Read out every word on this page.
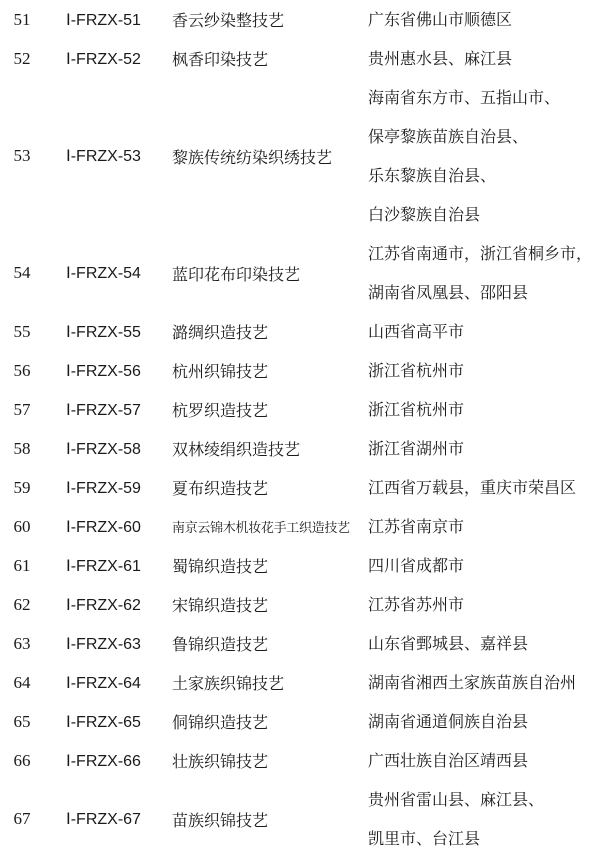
51	Ⅰ-FRZX-51 香云纱染整技艺	广东省佛山市顺德区
52	Ⅰ-FRZX-52 枫香印染技艺	贵州惠水县、麻江县
53	Ⅰ-FRZX-53 黎族传统纺染织绣技艺
海南省东方市、五指山市、
保亭黎族苗族自治县、
乐东黎族自治县、
白沙黎族自治县
54	Ⅰ-FRZX-54 蓝印花布印染技艺
江苏省南通市，浙江省桐乡市，
湖南省凤凰县、邵阳县
55	Ⅰ-FRZX-55 潞绸织造技艺	山西省高平市
56	Ⅰ-FRZX-56 杭州织锦技艺	浙江省杭州市
57	Ⅰ-FRZX-57 杭罗织造技艺	浙江省杭州市
58	Ⅰ-FRZX-58 双林绫绢织造技艺	浙江省湖州市
59	Ⅰ-FRZX-59 夏布织造技艺	江西省万载县，重庆市荣昌区
60	Ⅰ-FRZX-60 南京云锦木机妆花手工织造技艺 江苏省南京市
61	Ⅰ-FRZX-61 蜀锦织造技艺	四川省成都市
62	Ⅰ-FRZX-62 宋锦织造技艺	江苏省苏州市
63	Ⅰ-FRZX-63 鲁锦织造技艺	山东省鄄城县、嘉祥县
64	Ⅰ-FRZX-64 土家族织锦技艺	湖南省湘西土家族苗族自治州
65	Ⅰ-FRZX-65 侗锦织造技艺	湖南省通道侗族自治县
66	Ⅰ-FRZX-66 壮族织锦技艺	广西壮族自治区靖西县
67	Ⅰ-FRZX-67 苗族织锦技艺
贵州省雷山县、麻江县、
凯里市、台江县
